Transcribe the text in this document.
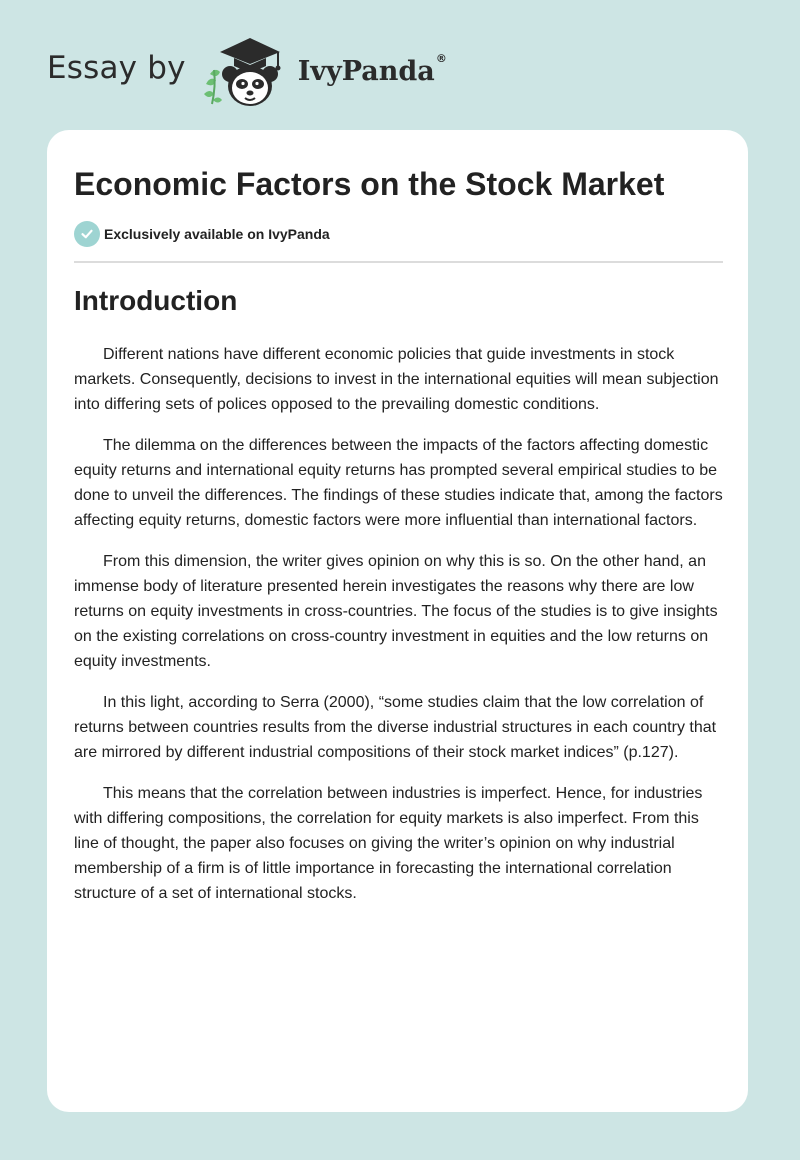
Essay by	IvyPanda ®
Economic Factors on the Stock Market
Exclusively available on IvyPanda
Introduction

Different nations have different economic policies that guide investments in stock markets. Consequently, decisions to invest in the international equities will mean subjection into differing sets of polices opposed to the prevailing domestic conditions.

The dilemma on the differences between the impacts of the factors affecting domestic equity returns and international equity returns has prompted several empirical studies to be done to unveil the differences. The findings of these studies indicate that, among the factors affecting equity returns, domestic factors were more influential than international factors.

From this dimension, the writer gives opinion on why this is so. On the other hand, an immense body of literature presented herein investigates the reasons why there are low returns on equity investments in cross-countries. The focus of the studies is to give insights on the existing correlations on cross-country investment in equities and the low returns on equity investments.

In this light, according to Serra (2000), “some studies claim that the low correlation of returns between countries results from the diverse industrial structures in each country that are mirrored by different industrial compositions of their stock market indices” (p.127).

This means that the correlation between industries is imperfect. Hence, for industries with differing compositions, the correlation for equity markets is also imperfect. From this line of thought, the paper also focuses on giving the writer’s opinion on why industrial membership of a firm is of little importance in forecasting the international correlation structure of a set of international stocks.
